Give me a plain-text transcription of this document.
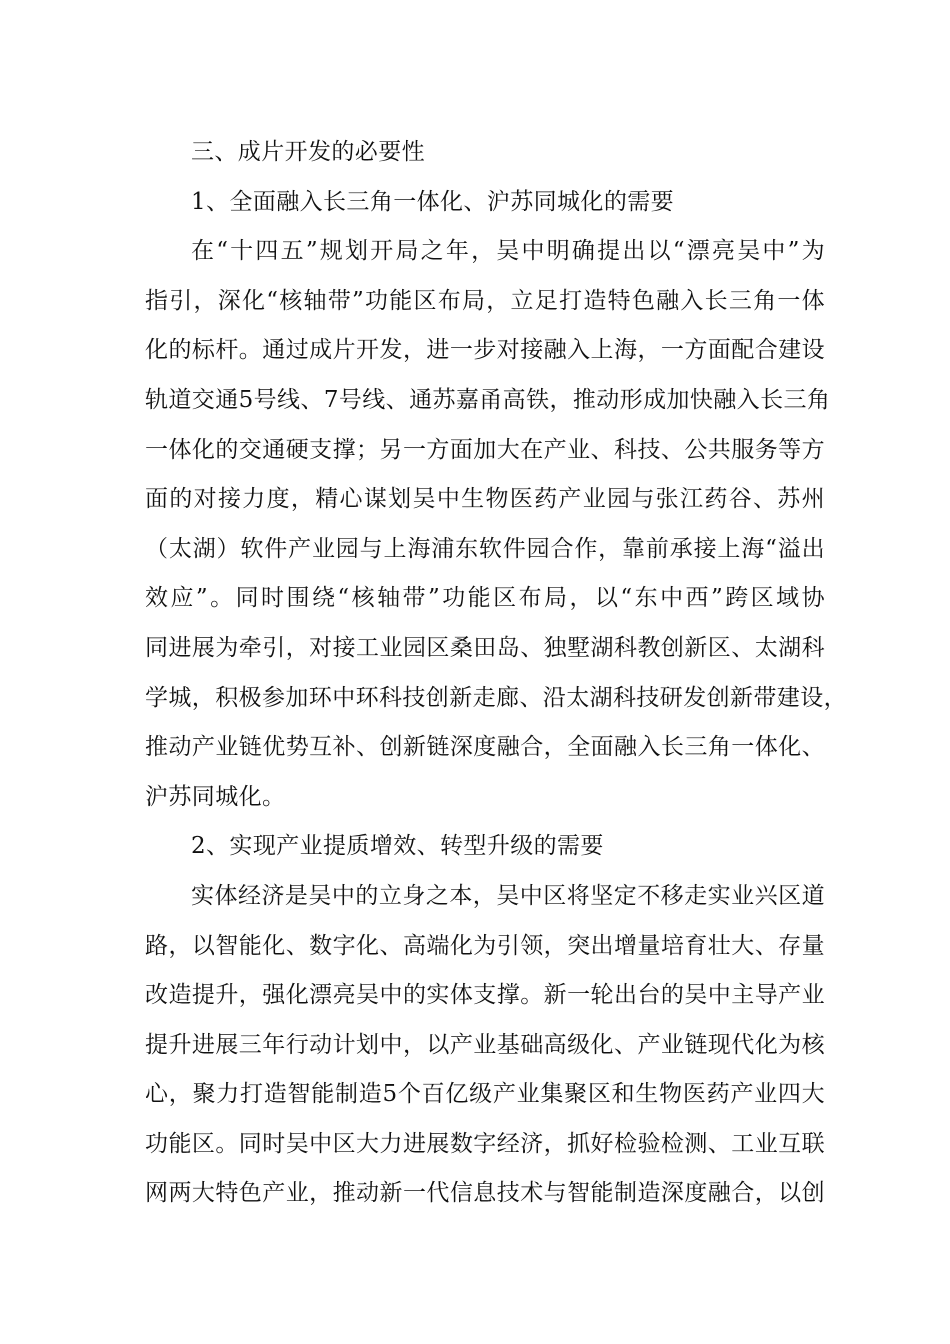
三、成片开发的必要性
1、全面融入长三角一体化、沪苏同城化的需要
在“十四五”规划开局之年，吴中明确提出以“漂亮吴中”为
指引，深化“核轴带”功能区布局，立足打造特色融入长三角一体
化的标杆。通过成片开发，进一步对接融入上海，一方面配合建设
轨道交通5号线、7号线、通苏嘉甬高铁，推动形成加快融入长三角
一体化的交通硬支撑；另一方面加大在产业、科技、公共服务等方
面的对接力度，精心谋划吴中生物医药产业园与张江药谷、苏州
（太湖）软件产业园与上海浦东软件园合作，靠前承接上海“溢出
效应”。同时围绕“核轴带”功能区布局，以“东中西”跨区域协
同进展为牵引，对接工业园区桑田岛、独墅湖科教创新区、太湖科
学城，积极参加环中环科技创新走廊、沿太湖科技研发创新带建设，
推动产业链优势互补、创新链深度融合，全面融入长三角一体化、
沪苏同城化。
2、实现产业提质增效、转型升级的需要
实体经济是吴中的立身之本，吴中区将坚定不移走实业兴区道
路，以智能化、数字化、高端化为引领，突出增量培育壮大、存量
改造提升，强化漂亮吴中的实体支撑。新一轮出台的吴中主导产业
提升进展三年行动计划中，以产业基础高级化、产业链现代化为核
心，聚力打造智能制造5个百亿级产业集聚区和生物医药产业四大
功能区。同时吴中区大力进展数字经济，抓好检验检测、工业互联
网两大特色产业，推动新一代信息技术与智能制造深度融合，以创
